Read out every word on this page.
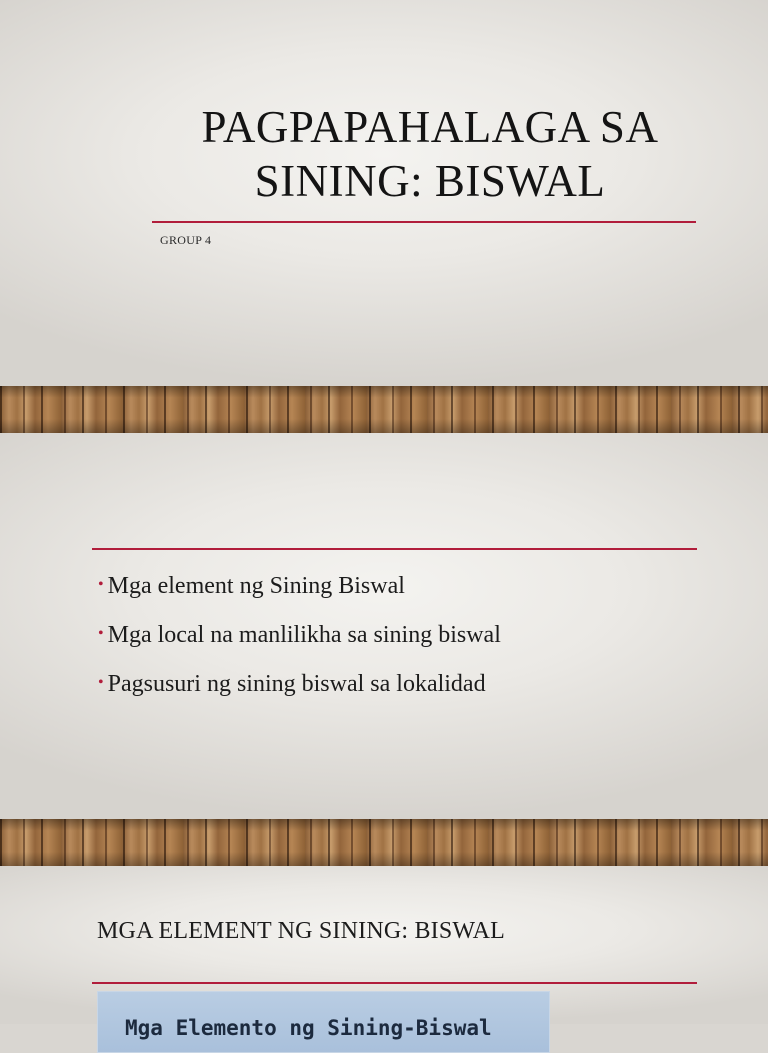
PAGPAPAHALAGA SA
SINING: BISWAL
GROUP 4
• Mga element ng Sining Biswal
• Mga local na manlilikha sa sining biswal
• Pagsusuri ng sining biswal sa lokalidad
MGA ELEMENT NG SINING: BISWAL
Mga Elemento ng Sining-Biswal
